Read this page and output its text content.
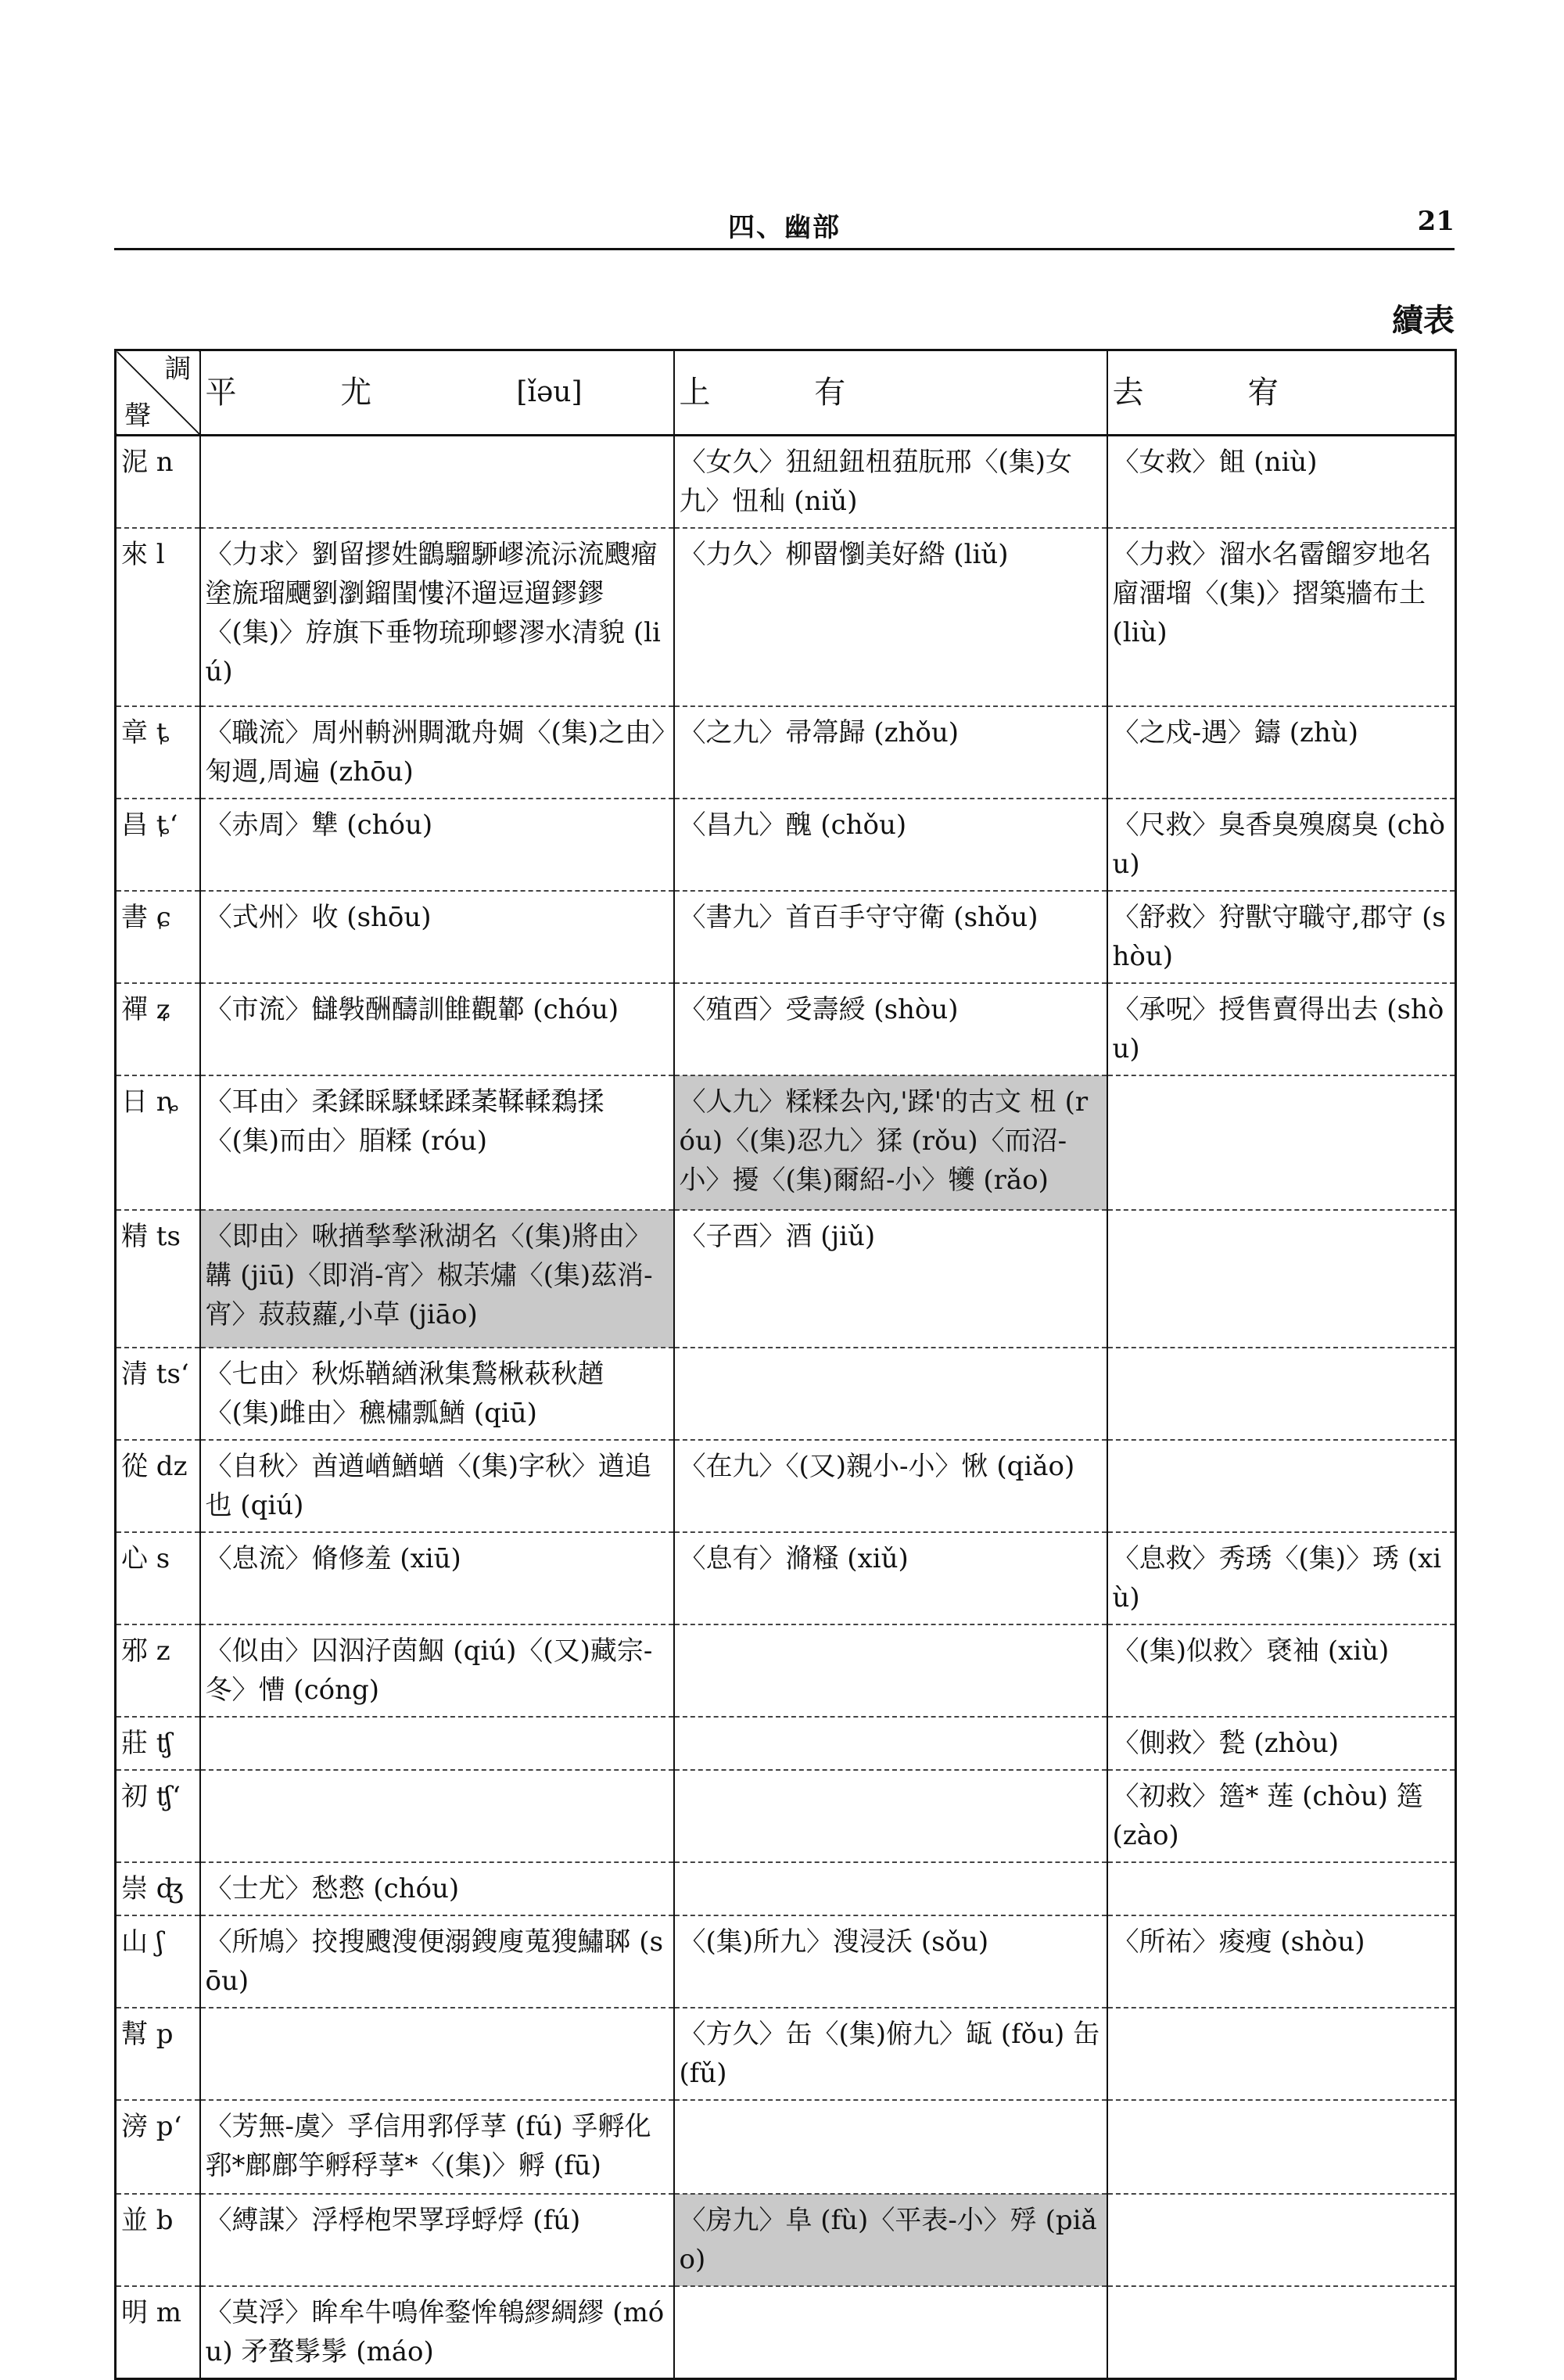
四、幽部	21
續表
調
聲	平 尤 [ǐəu]	上 有	去 宥
泥 n		〈女久〉狃紐鈕杻莥朊邢〈(集)女九〉忸秈 (niǔ)	〈女救〉飷 (niù)
來 l	〈力求〉劉留摎姓鶹騮駵嵺流沶流颼瘤塗旒瑠飅劉瀏鎦閨慺㳅遛逗遛鏐鏐〈(集)〉斿旗下垂物琉珋蟉漻水清貌 (liú)	〈力久〉柳罶懰美好綹 (liǔ)	〈力救〉溜水名霤餾穸地名廇澑塯〈(集)〉摺築牆布土 (liù)
章 ȶ	〈職流〉周州輈洲賙㴷舟婤〈(集)之由〉匊週,周遍 (zhōu)	〈之九〉帚箒歸 (zhǒu)	〈之戍-遇〉鑄 (zhù)
昌 ȶʻ	〈赤周〉犨 (chóu)	〈昌九〉醜 (chǒu)	〈尺救〉臭香臭殠腐臭 (chòu)
書 ɕ	〈式州〉收 (shōu)	〈書九〉首百手守守衛 (shǒu)	〈舒救〉狩獸守職守,郡守 (shòu)
禪 ʑ	〈市流〉讎斅酬醻訓雔觀鄻 (chóu)	〈殖酉〉受壽綬 (shòu)	〈承呪〉授售賣得出去 (shòu)
日 ȵ	〈耳由〉柔鍒睬騥蝚蹂葇鞣輮鶔揉〈(集)而由〉脜糅 (róu)	〈人九〉糅糅厹內,'蹂'的古文 杻 (róu)〈(集)忍九〉猱 (rǒu)〈而沼-小〉擾〈(集)爾紹-小〉犪 (rǎo)	
精 ts	〈即由〉啾揂揫揫湫湖名〈(集)將由〉韝 (jiū)〈即消-宵〉椒茮熽〈(集)茲消-宵〉菽菽蘿,小草 (jiāo)	〈子酉〉酒 (jiǔ)	
清 tsʻ	〈七由〉秋烁鞧緧湫集鶖楸萩秋趥〈(集)雌由〉穮橚瓢鰌 (qiū)		
從 dz	〈自秋〉酋遒崷鰌蝤〈(集)字秋〉遒追也 (qiú)	〈在九〉〈(又)親小-小〉愀 (qiǎo)	
心 s	〈息流〉脩修羞 (xiū)	〈息有〉滫糔 (xiǔ)	〈息救〉秀琇〈(集)〉琇 (xiù)
邪 z	〈似由〉囚泅汓茵鮂 (qiú)〈(又)藏宗-冬〉慒 (cóng)		〈(集)似救〉褎袖 (xiù)
莊 ʧ			〈側救〉甃 (zhòu)
初 ʧʻ			〈初救〉簉* 莲 (chòu) 簉 (zào)
崇 ʤ	〈士尤〉愁慦 (chóu)		
山 ʃ	〈所鳩〉挍搜颼溲便溺鎪廋蒐獀鱐郰 (sōu)	〈(集)所九〉溲浸沃 (sǒu)	〈所祐〉痠瘦 (shòu)
幫 p		〈方久〉缶〈(集)俯九〉缻 (fǒu) 缶 (fǔ)	
滂 pʻ	〈芳無-虞〉孚信用郛俘莩 (fú) 孚孵化郛*鄜鄜竽孵稃莩*〈(集)〉孵 (fū)		
並 b	〈縛謀〉浮桴枹罘罦琈蜉烰 (fú)	〈房九〉阜 (fù)〈平表-小〉殍 (piǎo)	
明 m	〈莫浮〉眸牟牛鳴侔鍪恈鴾繆綢繆 (móu) 矛蝥髳髳 (máo)		
